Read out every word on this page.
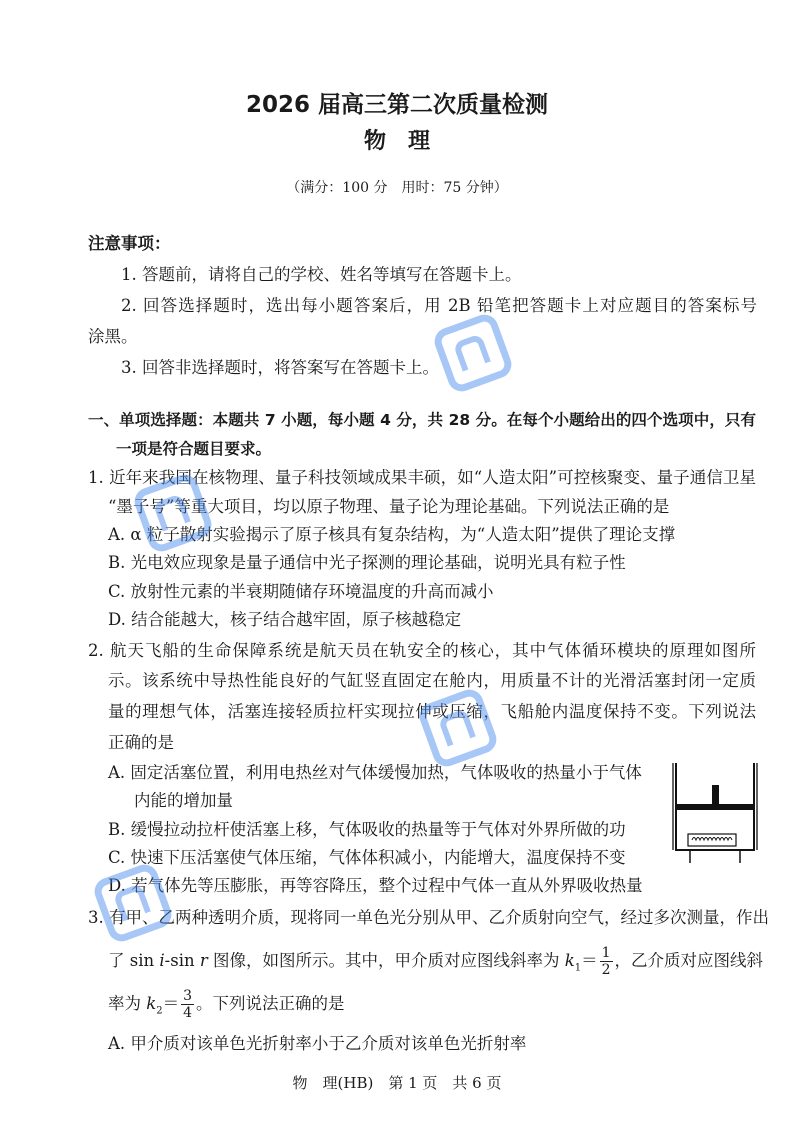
2026 届高三第二次质量检测
物　理
（满分：100 分　用时：75 分钟）
注意事项：
1. 答题前，请将自己的学校、姓名等填写在答题卡上。
2. 回答选择题时，选出每小题答案后，用 2B 铅笔把答题卡上对应题目的答案标号
涂黑。
3. 回答非选择题时，将答案写在答题卡上。
一、单项选择题：本题共 7 小题，每小题 4 分，共 28 分。在每个小题给出的四个选项中，只有
一项是符合题目要求。
1. 近年来我国在核物理、量子科技领域成果丰硕，如“人造太阳”可控核聚变、量子通信卫星
“墨子号”等重大项目，均以原子物理、量子论为理论基础。下列说法正确的是
A. α 粒子散射实验揭示了原子核具有复杂结构，为“人造太阳”提供了理论支撑
B. 光电效应现象是量子通信中光子探测的理论基础，说明光具有粒子性
C. 放射性元素的半衰期随储存环境温度的升高而减小
D. 结合能越大，核子结合越牢固，原子核越稳定
2. 航天飞船的生命保障系统是航天员在轨安全的核心，其中气体循环模块的原理如图所
示。该系统中导热性能良好的气缸竖直固定在舱内，用质量不计的光滑活塞封闭一定质
量的理想气体，活塞连接轻质拉杆实现拉伸或压缩，飞船舱内温度保持不变。下列说法
正确的是
A. 固定活塞位置，利用电热丝对气体缓慢加热，气体吸收的热量小于气体
内能的增加量
B. 缓慢拉动拉杆使活塞上移，气体吸收的热量等于气体对外界所做的功
C. 快速下压活塞使气体压缩，气体体积减小，内能增大，温度保持不变
D. 若气体先等压膨胀，再等容降压，整个过程中气体一直从外界吸收热量
3. 有甲、乙两种透明介质，现将同一单色光分别从甲、乙介质射向空气，经过多次测量，作出
了 sin i-sin r 图像，如图所示。其中，甲介质对应图线斜率为 $k_1= \frac{1}{2}$ ，乙介质对应图线斜
率为 $k_2= \frac{3}{4}$ 。下列说法正确的是
A. 甲介质对该单色光折射率小于乙介质对该单色光折射率
物　理(HB)　第 1 页　共 6 页
